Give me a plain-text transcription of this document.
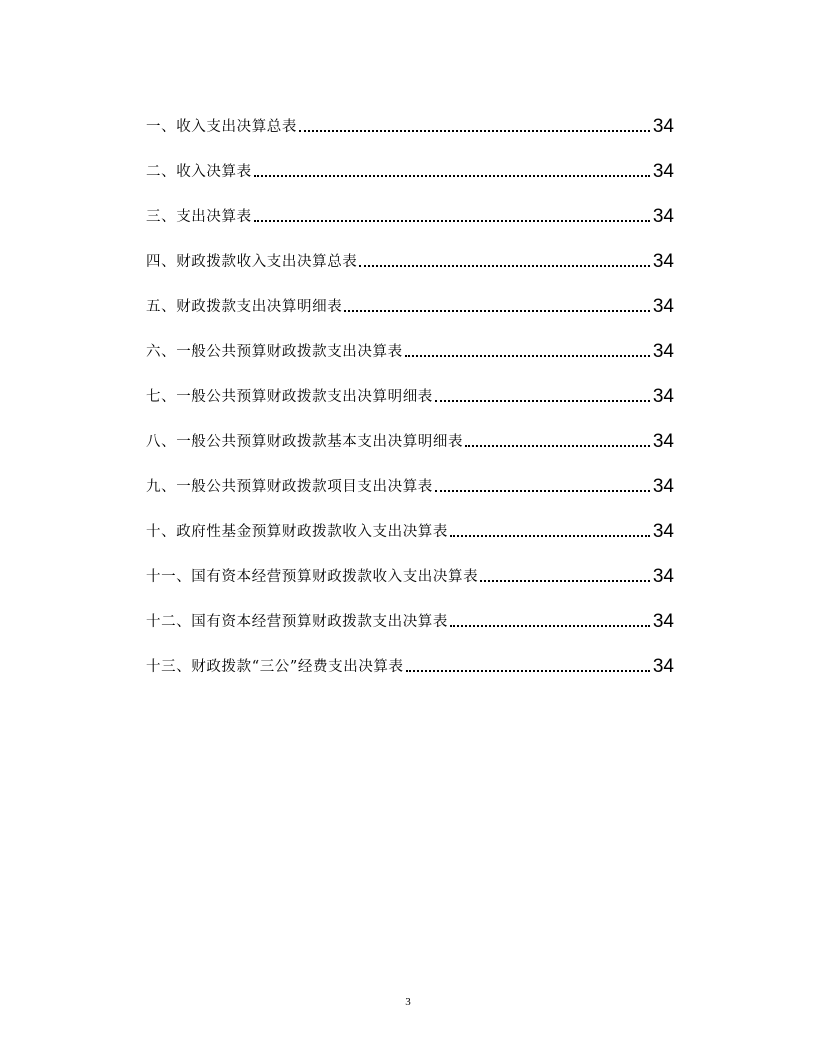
一、收入支出决算总表	34
二、收入决算表	34
三、支出决算表	34
四、财政拨款收入支出决算总表	34
五、财政拨款支出决算明细表	34
六、一般公共预算财政拨款支出决算表	34
七、一般公共预算财政拨款支出决算明细表	34
八、一般公共预算财政拨款基本支出决算明细表	34
九、一般公共预算财政拨款项目支出决算表	34
十、政府性基金预算财政拨款收入支出决算表	34
十一、国有资本经营预算财政拨款收入支出决算表	34
十二、国有资本经营预算财政拨款支出决算表	34
十三、财政拨款“三公”经费支出决算表	34
3
